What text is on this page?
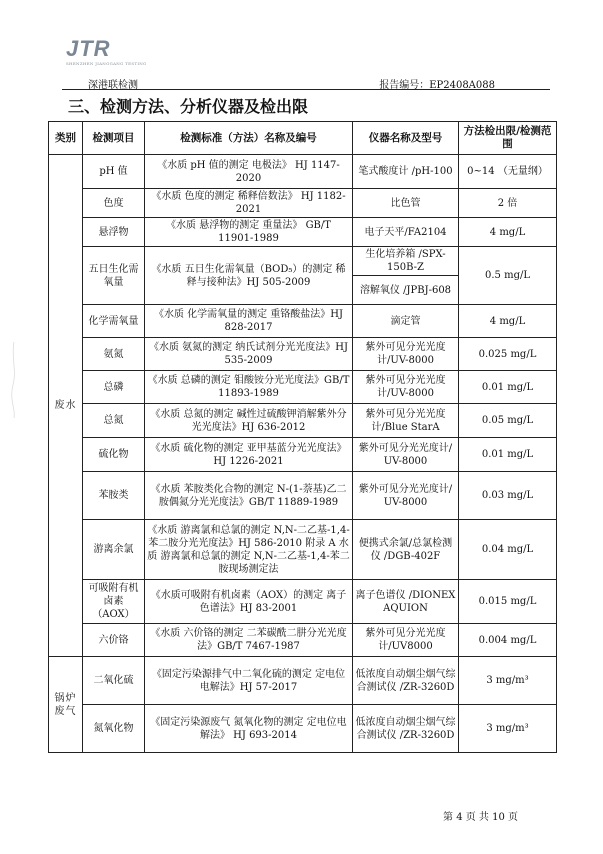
JTR
SHENZHEN JIANGGANG TESTING
深港联检测	报告编号：EP2408A088
三、检测方法、分析仪器及检出限
类别	检测项目	检测标准（方法）名称及编号	仪器名称及型号	方法检出限/检测范围
废水	pH 值	《水质 pH 值的测定 电极法》 HJ 1147-2020	笔式酸度计 /pH-100	0~14 （无量纲）
	色度	《水质 色度的测定 稀释倍数法》 HJ 1182-2021	比色管	2 倍
	悬浮物	《水质 悬浮物的测定 重量法》 GB/T 11901-1989	电子天平/FA2104	4 mg/L
	五日生化需氧量	《水质 五日生化需氧量（BOD₅）的测定 稀释与接种法》HJ 505-2009	生化培养箱 /SPX-150B-Z	0.5 mg/L
			溶解氧仪 /JPBJ-608	
	化学需氧量	《水质 化学需氧量的测定 重铬酸盐法》HJ 828-2017	滴定管	4 mg/L
	氨氮	《水质 氨氮的测定 纳氏试剂分光光度法》HJ 535-2009	紫外可见分光光度计/UV-8000	0.025 mg/L
	总磷	《水质 总磷的测定 钼酸铵分光光度法》GB/T 11893-1989	紫外可见分光光度计/UV-8000	0.01 mg/L
	总氮	《水质 总氮的测定 碱性过硫酸钾消解紫外分光光度法》HJ 636-2012	紫外可见分光光度计/Blue StarA	0.05 mg/L
	硫化物	《水质 硫化物的测定 亚甲基蓝分光光度法》HJ 1226-2021	紫外可见分光光度计/ UV-8000	0.01 mg/L
	苯胺类	《水质 苯胺类化合物的测定 N-(1-萘基)乙二胺偶氮分光光度法》GB/T 11889-1989	紫外可见分光光度计/ UV-8000	0.03 mg/L
	游离余氯	《水质 游离氯和总氯的测定 N,N-二乙基-1,4-苯二胺分光光度法》HJ 586-2010 附录 A 水质 游离氯和总氯的测定 N,N-二乙基-1,4-苯二胺现场测定法	便携式余氯/总氯检测仪 /DGB-402F	0.04 mg/L
	可吸附有机卤素（AOX）	《水质可吸附有机卤素（AOX）的测定 离子色谱法》HJ 83-2001	离子色谱仪 /DIONEX AQUION	0.015 mg/L
	六价铬	《水质 六价铬的测定 二苯碳酰二肼分光光度法》GB/T 7467-1987	紫外可见分光光度计/UV8000	0.004 mg/L
锅炉废气	二氧化硫	《固定污染源排气中二氧化硫的测定 定电位电解法》HJ 57-2017	低浓度自动烟尘烟气综合测试仪 /ZR-3260D	3 mg/m³
	氮氧化物	《固定污染源废气 氮氧化物的测定 定电位电解法》 HJ 693-2014	低浓度自动烟尘烟气综合测试仪 /ZR-3260D	3 mg/m³
第 4 页 共 10 页
